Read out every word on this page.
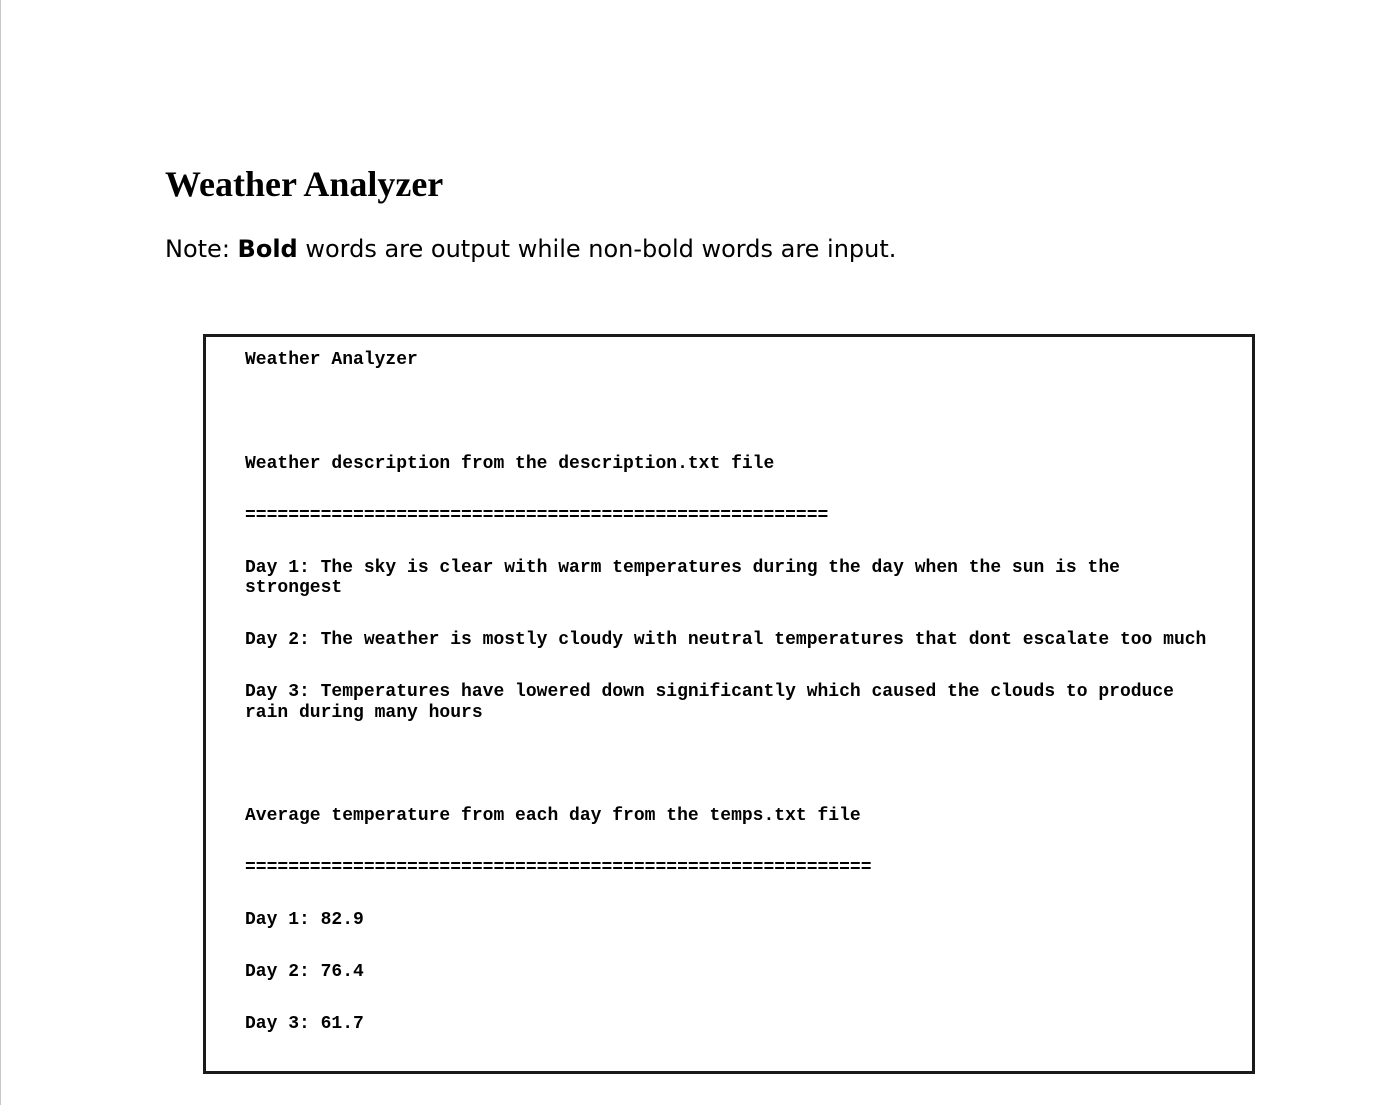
Weather Analyzer

Note: Bold words are output while non-bold words are input.

Weather Analyzer
Weather description from the description.txt file
======================================================
Day 1: The sky is clear with warm temperatures during the day when the sun is the
strongest
Day 2: The weather is mostly cloudy with neutral temperatures that dont escalate too much
Day 3: Temperatures have lowered down significantly which caused the clouds to produce
rain during many hours
Average temperature from each day from the temps.txt file
==========================================================
Day 1: 82.9
Day 2: 76.4
Day 3: 61.7
